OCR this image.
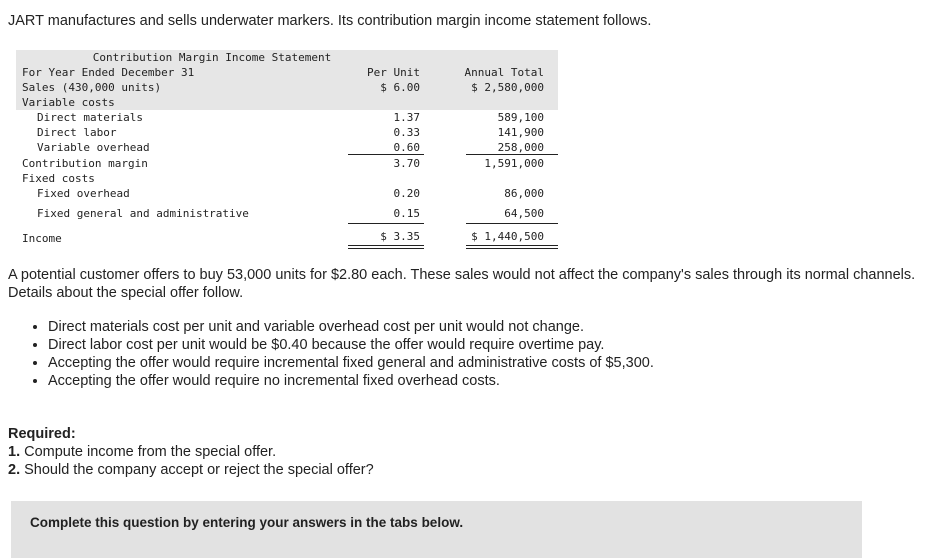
JART manufactures and sells underwater markers. Its contribution margin income statement follows.
Contribution Margin Income Statement
For Year Ended December 31	Per Unit	Annual Total
Sales (430,000 units)	$ 6.00	$ 2,580,000
Variable costs
Direct materials	1.37	589,100
Direct labor	0.33	141,900
Variable overhead	0.60	258,000
Contribution margin	3.70	1,591,000
Fixed costs
Fixed overhead	0.20	86,000
Fixed general and administrative	0.15	64,500
Income	$ 3.35	$ 1,440,500
A potential customer offers to buy 53,000 units for $2.80 each. These sales would not affect the company's sales through its normal channels. Details about the special offer follow.
• Direct materials cost per unit and variable overhead cost per unit would not change.
• Direct labor cost per unit would be $0.40 because the offer would require overtime pay.
• Accepting the offer would require incremental fixed general and administrative costs of $5,300.
• Accepting the offer would require no incremental fixed overhead costs.
Required:
1. Compute income from the special offer.
2. Should the company accept or reject the special offer?
Complete this question by entering your answers in the tabs below.
